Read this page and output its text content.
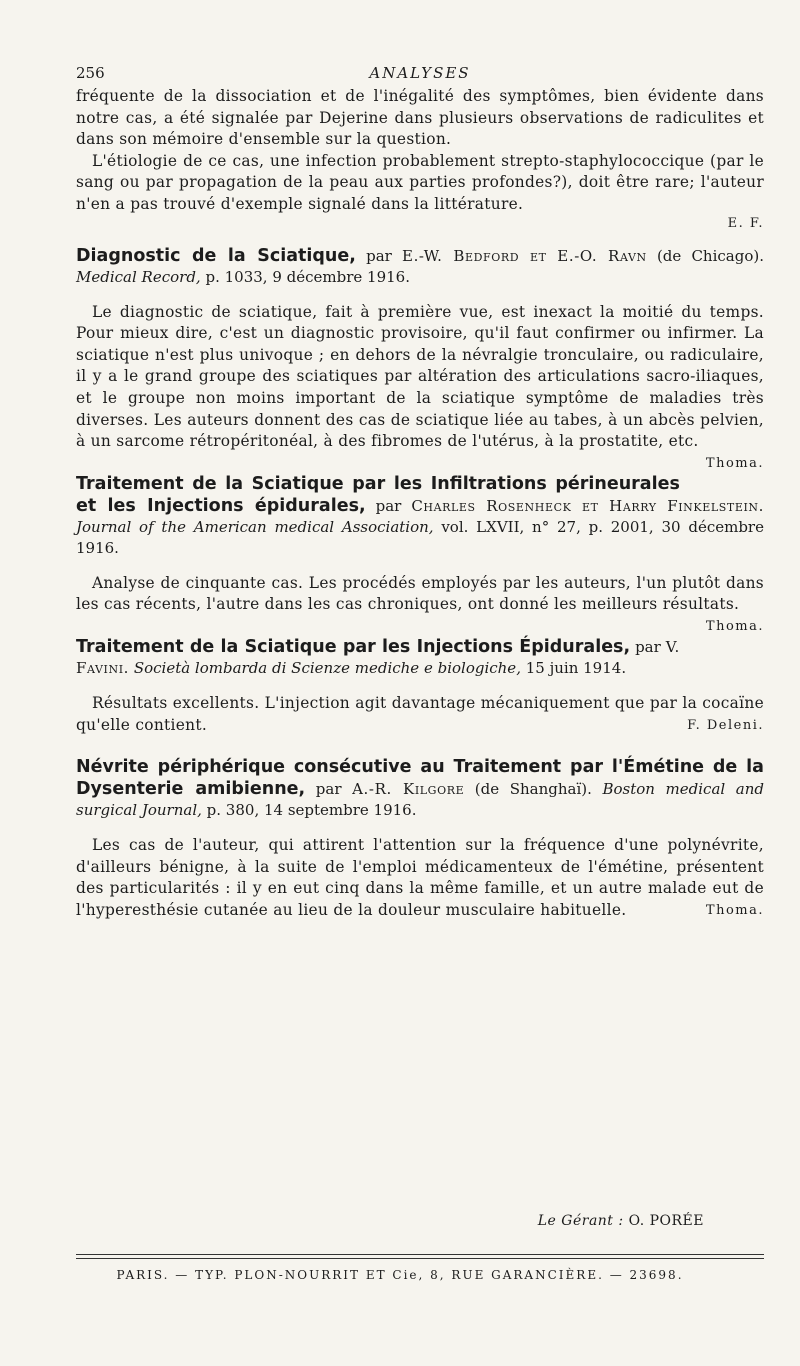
256	ANALYSES

fréquente de la dissociation et de l'inégalité des symptômes, bien évidente dans notre cas, a été signalée par Dejerine dans plusieurs observations de radiculites et dans son mémoire d'ensemble sur la question.

L'étiologie de ce cas, une infection probablement strepto-staphylococcique (par le sang ou par propagation de la peau aux parties profondes?), doit être rare; l'auteur n'en a pas trouvé d'exemple signalé dans la littérature.

E. F.
Diagnostic de la Sciatique, par E.-W. Bedford et E.-O. Ravn (de Chicago). Medical Record, p. 1033, 9 décembre 1916.

Le diagnostic de sciatique, fait à première vue, est inexact la moitié du temps. Pour mieux dire, c'est un diagnostic provisoire, qu'il faut confirmer ou infirmer. La sciatique n'est plus univoque ; en dehors de la névralgie tronculaire, ou radiculaire, il y a le grand groupe des sciatiques par altération des articulations sacro-iliaques, et le groupe non moins important de la sciatique symptôme de maladies très diverses. Les auteurs donnent des cas de sciatique liée au tabes, à un abcès pelvien, à un sarcome rétropéritonéal, à des fibromes de l'utérus, à la prostatite, etc.
Thoma.

Traitement de la Sciatique par les Infiltrations périneurales et les Injections épidurales, par Charles Rosenheck et Harry Finkelstein. Journal of the American medical Association, vol. LXVII, n° 27, p. 2001, 30 décembre 1916.

Analyse de cinquante cas. Les procédés employés par les auteurs, l'un plutôt dans les cas récents, l'autre dans les cas chroniques, ont donné les meilleurs résultats.
Thoma.

Traitement de la Sciatique par les Injections Épidurales, par V. Favini. Società lombarda di Scienze mediche e biologiche, 15 juin 1914.

Résultats excellents. L'injection agit davantage mécaniquement que par la cocaïne qu'elle contient.	F. Deleni.

Névrite périphérique consécutive au Traitement par l'Émétine de la Dysenterie amibienne, par A.-R. Kilgore (de Shanghaï). Boston medical and surgical Journal, p. 380, 14 septembre 1916.

Les cas de l'auteur, qui attirent l'attention sur la fréquence d'une polynévrite, d'ailleurs bénigne, à la suite de l'emploi médicamenteux de l'émétine, présentent des particularités : il y en eut cinq dans la même famille, et un autre malade eut de l'hyperesthésie cutanée au lieu de la douleur musculaire habituelle.	Thoma.

Le Gérant : O. PORÉE
PARIS. — TYP. PLON-NOURRIT ET Cie, 8, RUE GARANCIÈRE. — 23698.
